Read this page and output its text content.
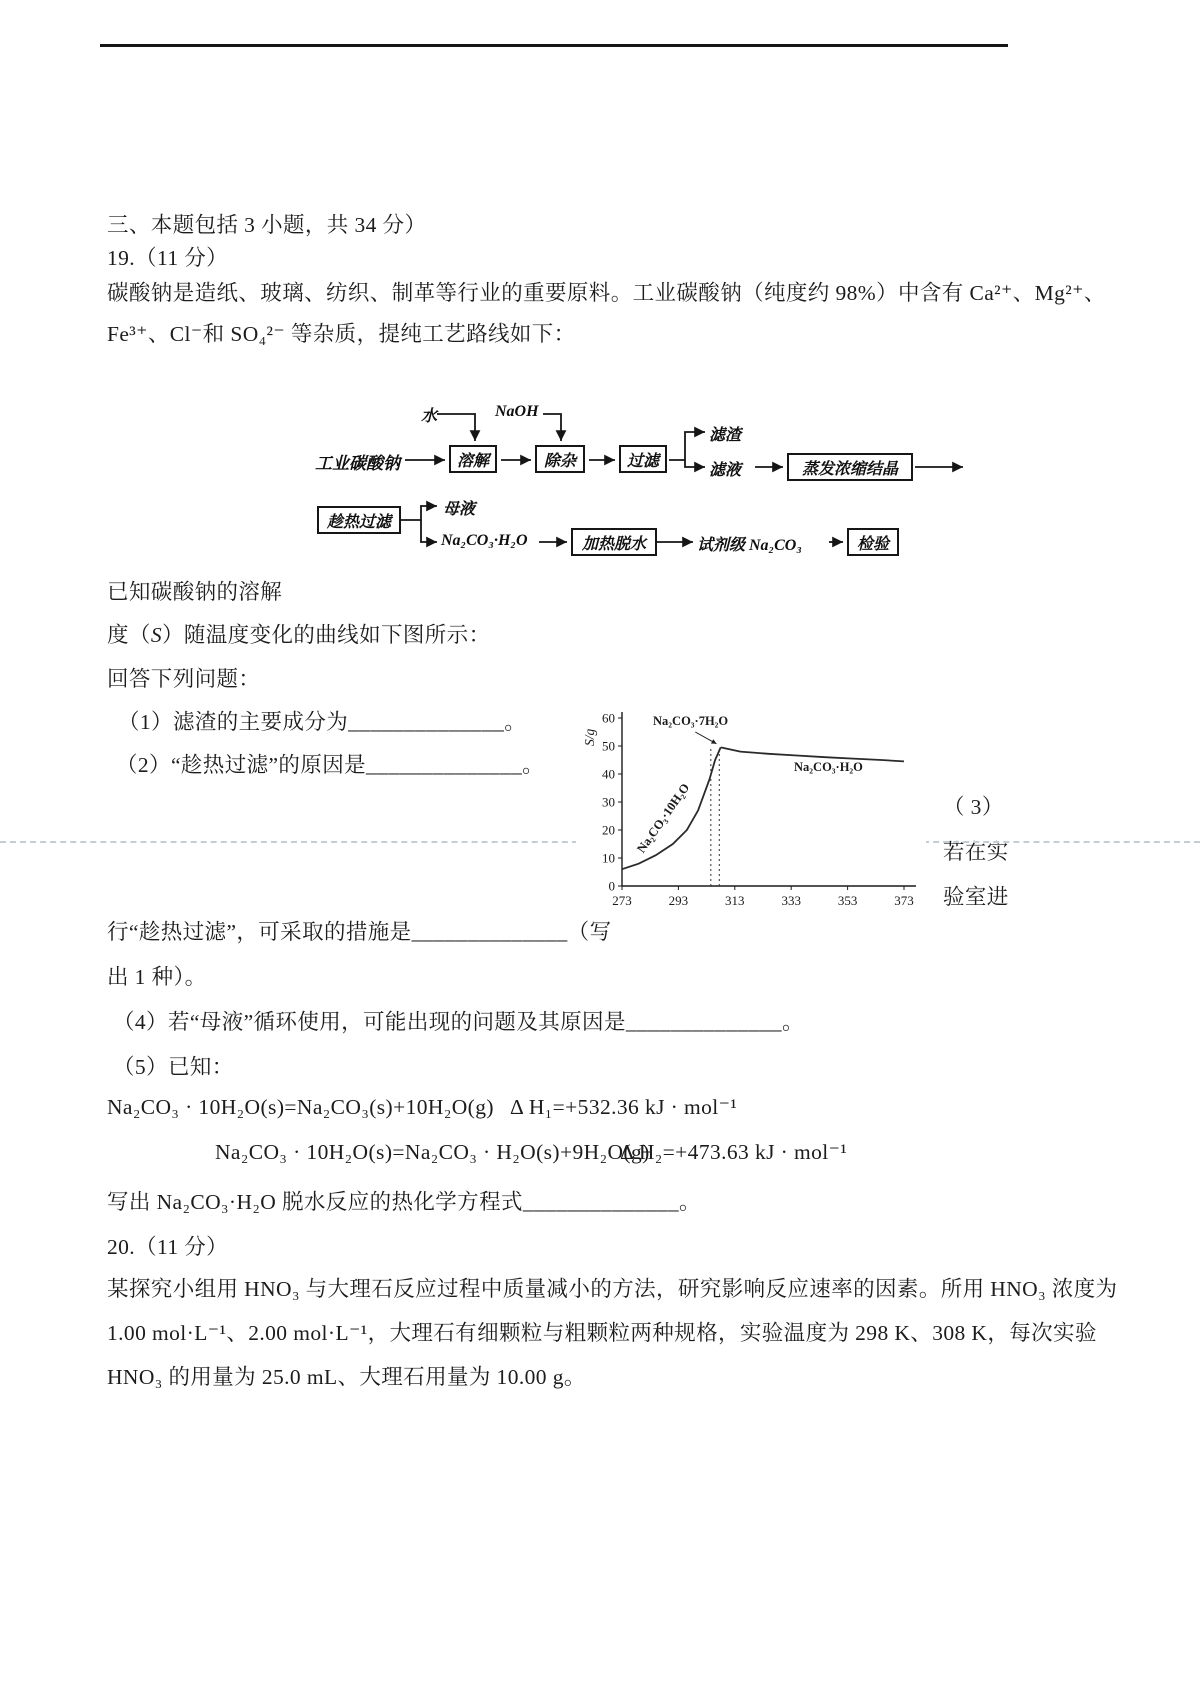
三、本题包括 3 小题，共 34 分）
19.（11 分）
碳酸钠是造纸、玻璃、纺织、制革等行业的重要原料。工业碳酸钠（纯度约 98%）中含有 Ca²⁺、Mg²⁺、
Fe³⁺、Cl⁻和 SO₄²⁻ 等杂质，提纯工艺路线如下：
工业碳酸钠
水	NaOH
溶解	除杂	过滤
滤渣
滤液	蒸发浓缩结晶
趁热过滤
母液
Na₂CO₃·H₂O	加热脱水	试剂级 Na₂CO₃	检验
已知碳酸钠的溶解
度（S）随温度变化的曲线如下图所示：
回答下列问题：
（1）滤渣的主要成分为______________。
（2）“趁热过滤”的原因是______________。
0
10
20
30
40
50
60
273	293	313	333	353	373
Na₂CO₃·7H₂O
Na₂CO₃·10H₂O
Na₂CO₃·H₂O
S/g
（ 3）
若在实
验室进
行“趁热过滤”，可采取的措施是______________（写
出 1 种）。
（4）若“母液”循环使用，可能出现的问题及其原因是______________。
（5）已知：
Na₂CO₃ · 10H₂O(s)=Na₂CO₃(s)+10H₂O(g) Δ H₁=+532.36 kJ · mol⁻¹
Na₂CO₃ · 10H₂O(s)=Na₂CO₃ · H₂O(s)+9H₂O(g)
Δ H₂=+473.63 kJ · mol⁻¹
写出 Na₂CO₃·H₂O 脱水反应的热化学方程式______________。
20.（11 分）
某探究小组用 HNO₃ 与大理石反应过程中质量减小的方法，研究影响反应速率的因素。所用 HNO₃ 浓度为
1.00 mol·L⁻¹、2.00 mol·L⁻¹，大理石有细颗粒与粗颗粒两种规格，实验温度为 298 K、308 K，每次实验
HNO₃ 的用量为 25.0 mL、大理石用量为 10.00 g。
